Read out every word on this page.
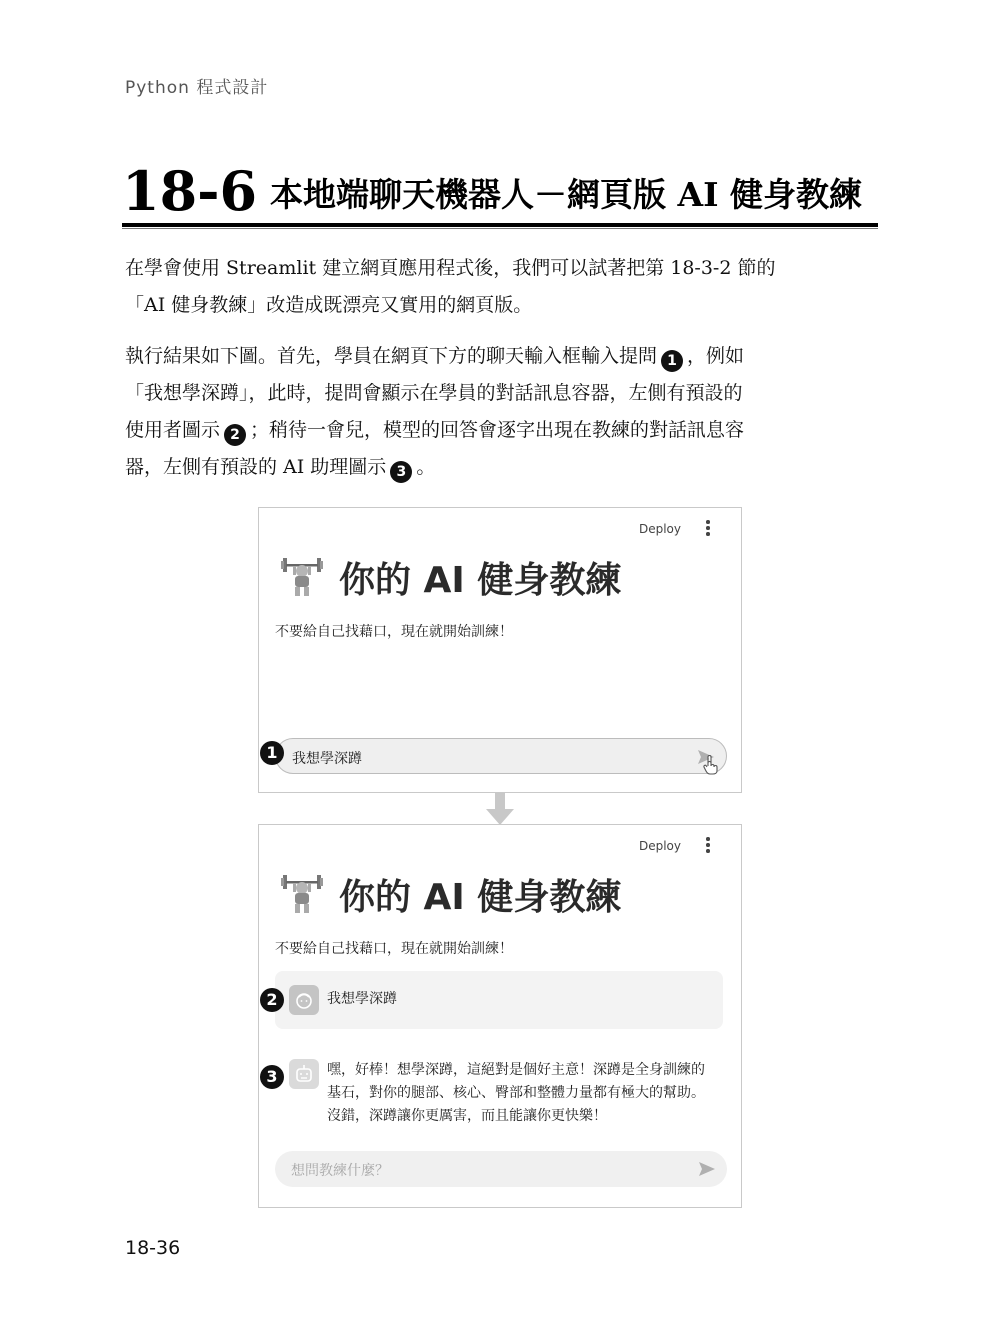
Python 程式設計
18-6 本地端聊天機器人－網頁版 AI 健身教練
在學會使用 Streamlit 建立網頁應用程式後，我們可以試著把第 18-3-2 節的
「AI 健身教練」改造成既漂亮又實用的網頁版。
執行結果如下圖。首先，學員在網頁下方的聊天輸入框輸入提問 1 ，例如
「我想學深蹲」，此時，提問會顯示在學員的對話訊息容器，左側有預設的
使用者圖示 2 ；稍待一會兒，模型的回答會逐字出現在教練的對話訊息容
器，左側有預設的 AI 助理圖示 3 。
Deploy
你的 AI 健身教練
不要給自己找藉口，現在就開始訓練！
我想學深蹲
1
Deploy
你的 AI 健身教練
不要給自己找藉口，現在就開始訓練！
我想學深蹲
2
嘿，好棒！想學深蹲，這絕對是個好主意！深蹲是全身訓練的
基石，對你的腿部、核心、臀部和整體力量都有極大的幫助。
沒錯，深蹲讓你更厲害，而且能讓你更快樂！
3
想問教練什麼？
18-36
